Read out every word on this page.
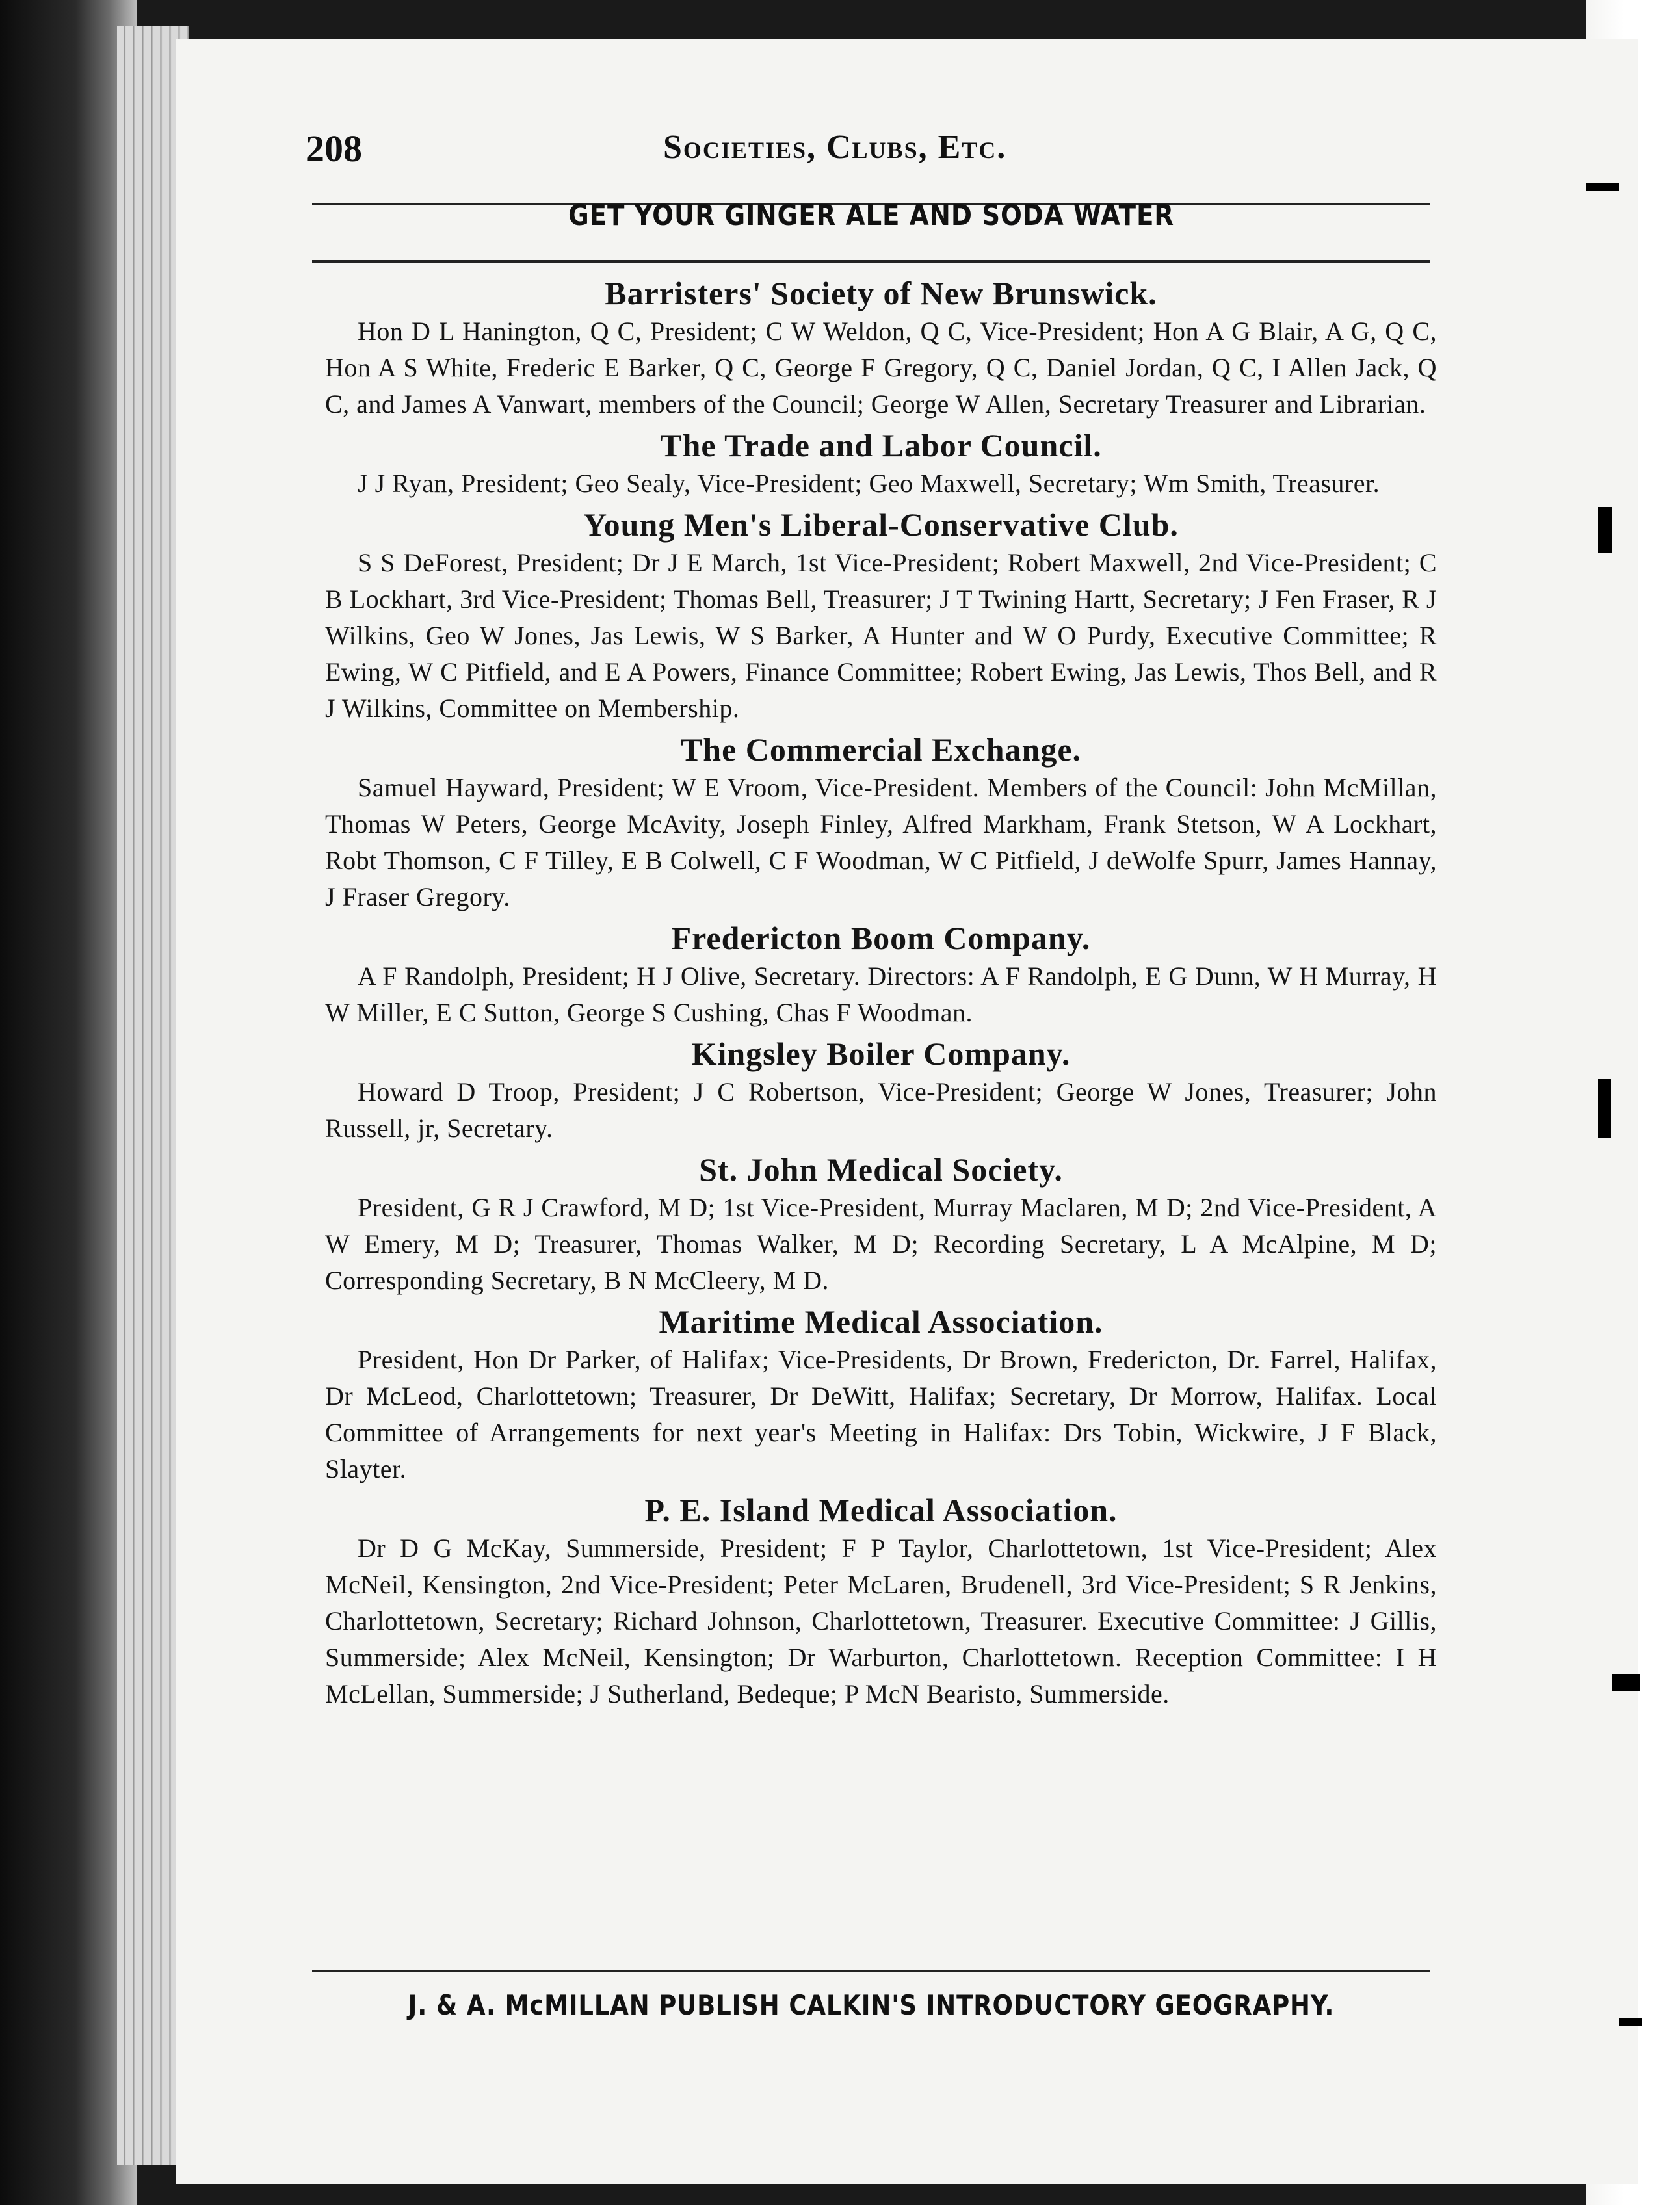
208	Societies, Clubs, Etc.
GET YOUR GINGER ALE AND SODA WATER

Barristers' Society of New Brunswick.

Hon D L Hanington, Q C, President; C W Weldon, Q C, Vice-President; Hon A G Blair, A G, Q C, Hon A S White, Frederic E Barker, Q C, George F Gregory, Q C, Daniel Jordan, Q C, I Allen Jack, Q C, and James A Vanwart, members of the Council; George W Allen, Secretary Treasurer and Librarian.

The Trade and Labor Council.

J J Ryan, President; Geo Sealy, Vice-President; Geo Maxwell, Secretary; Wm Smith, Treasurer.

Young Men's Liberal-Conservative Club.

S S DeForest, President; Dr J E March, 1st Vice-President; Robert Maxwell, 2nd Vice-President; C B Lockhart, 3rd Vice-President; Thomas Bell, Treasurer; J T Twining Hartt, Secretary; J Fen Fraser, R J Wilkins, Geo W Jones, Jas Lewis, W S Barker, A Hunter and W O Purdy, Executive Committee; R Ewing, W C Pitfield, and E A Powers, Finance Committee; Robert Ewing, Jas Lewis, Thos Bell, and R J Wilkins, Committee on Membership.

The Commercial Exchange.

Samuel Hayward, President; W E Vroom, Vice-President. Members of the Council: John McMillan, Thomas W Peters, George McAvity, Joseph Finley, Alfred Markham, Frank Stetson, W A Lockhart, Robt Thomson, C F Tilley, E B Colwell, C F Woodman, W C Pitfield, J deWolfe Spurr, James Hannay, J Fraser Gregory.

Fredericton Boom Company.

A F Randolph, President; H J Olive, Secretary. Directors: A F Randolph, E G Dunn, W H Murray, H W Miller, E C Sutton, George S Cushing, Chas F Woodman.

Kingsley Boiler Company.

Howard D Troop, President; J C Robertson, Vice-President; George W Jones, Treasurer; John Russell, jr, Secretary.

St. John Medical Society.

President, G R J Crawford, M D; 1st Vice-President, Murray Maclaren, M D; 2nd Vice-President, A W Emery, M D; Treasurer, Thomas Walker, M D; Recording Secretary, L A McAlpine, M D; Corresponding Secretary, B N McCleery, M D.

Maritime Medical Association.

President, Hon Dr Parker, of Halifax; Vice-Presidents, Dr Brown, Fredericton, Dr. Farrel, Halifax, Dr McLeod, Charlottetown; Treasurer, Dr DeWitt, Halifax; Secretary, Dr Morrow, Halifax. Local Committee of Arrangements for next year's Meeting in Halifax: Drs Tobin, Wickwire, J F Black, Slayter.

P. E. Island Medical Association.

Dr D G McKay, Summerside, President; F P Taylor, Charlottetown, 1st Vice-President; Alex McNeil, Kensington, 2nd Vice-President; Peter McLaren, Brudenell, 3rd Vice-President; S R Jenkins, Charlottetown, Secretary; Richard Johnson, Charlottetown, Treasurer. Executive Committee: J Gillis, Summerside; Alex McNeil, Kensington; Dr Warburton, Charlottetown. Reception Committee: I H McLellan, Summerside; J Sutherland, Bedeque; P McN Bearisto, Summerside.

J. & A. McMILLAN PUBLISH CALKIN'S INTRODUCTORY GEOGRAPHY.
